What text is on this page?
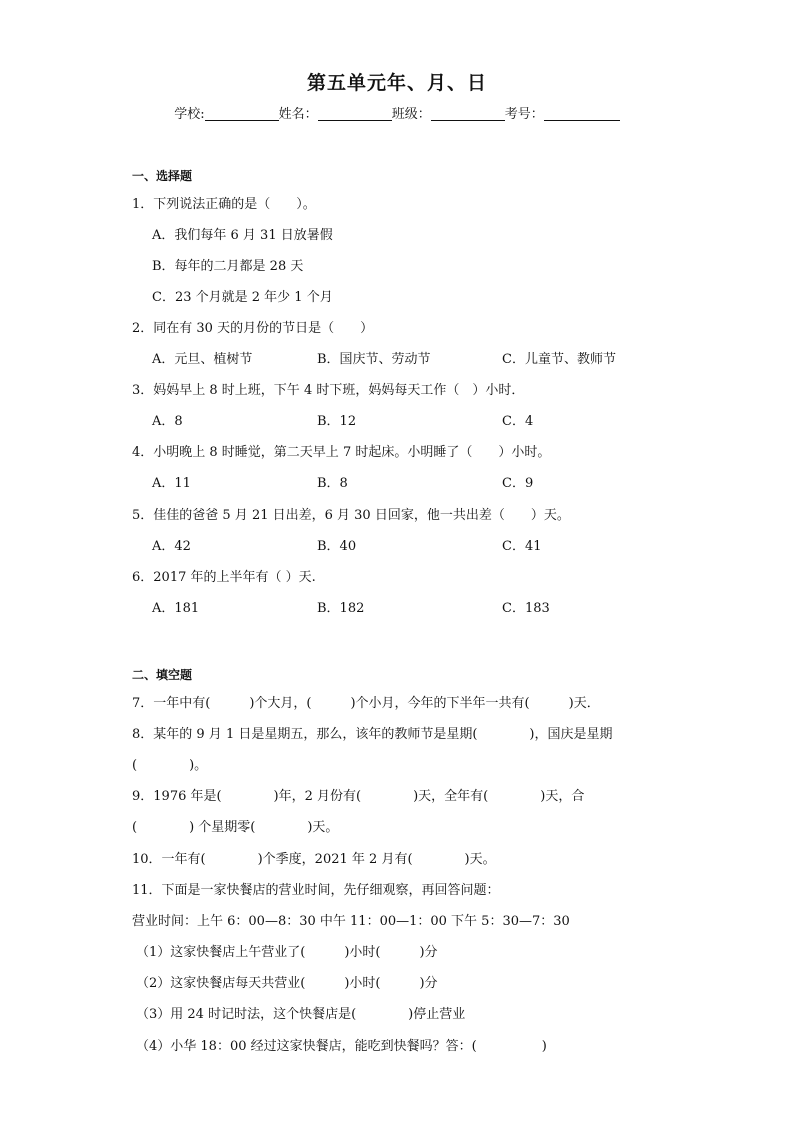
第五单元年、月、日
学校:	姓名：	班级：	考号：
一、选择题
1．下列说法正确的是（　　）。
A．我们每年 6 月 31 日放暑假
B．每年的二月都是 28 天
C．23 个月就是 2 年少 1 个月
2．同在有 30 天的月份的节日是（　　）
A．元旦、植树节	B．国庆节、劳动节	C．儿童节、教师节
3．妈妈早上 8 时上班，下午 4 时下班，妈妈每天工作（　）小时．
A．8	B．12	C．4
4．小明晚上 8 时睡觉，第二天早上 7 时起床。小明睡了（　　）小时。
A．11	B．8	C．9
5．佳佳的爸爸 5 月 21 日出差，6 月 30 日回家，他一共出差（　　）天。
A．42	B．40	C．41
6．2017 年的上半年有（ ）天.
A．181	B．182	C．183
二、填空题
7．一年中有(　　　)个大月，(　　　)个小月，今年的下半年一共有(　　　)天．
8．某年的 9 月 1 日是星期五，那么，该年的教师节是星期(　　　　)，国庆是星期
(　　　　)。
9．1976 年是(　　　　)年，2 月份有(　　　　)天，全年有(　　　　)天，合
(　　　　) 个星期零(　　　　)天。
10．一年有(　　　　)个季度，2021 年 2 月有(　　　　)天。
11．下面是一家快餐店的营业时间，先仔细观察，再回答问题：
营业时间：上午 6：00—8：30 中午 11：00—1：00 下午 5：30—7：30
（1）这家快餐店上午营业了(　　　)小时(　　　)分
（2）这家快餐店每天共营业(　　　)小时(　　　)分
（3）用 24 时记时法，这个快餐店是(　　　　)停止营业
（4）小华 18：00 经过这家快餐店，能吃到快餐吗？答：(　　　　　)
